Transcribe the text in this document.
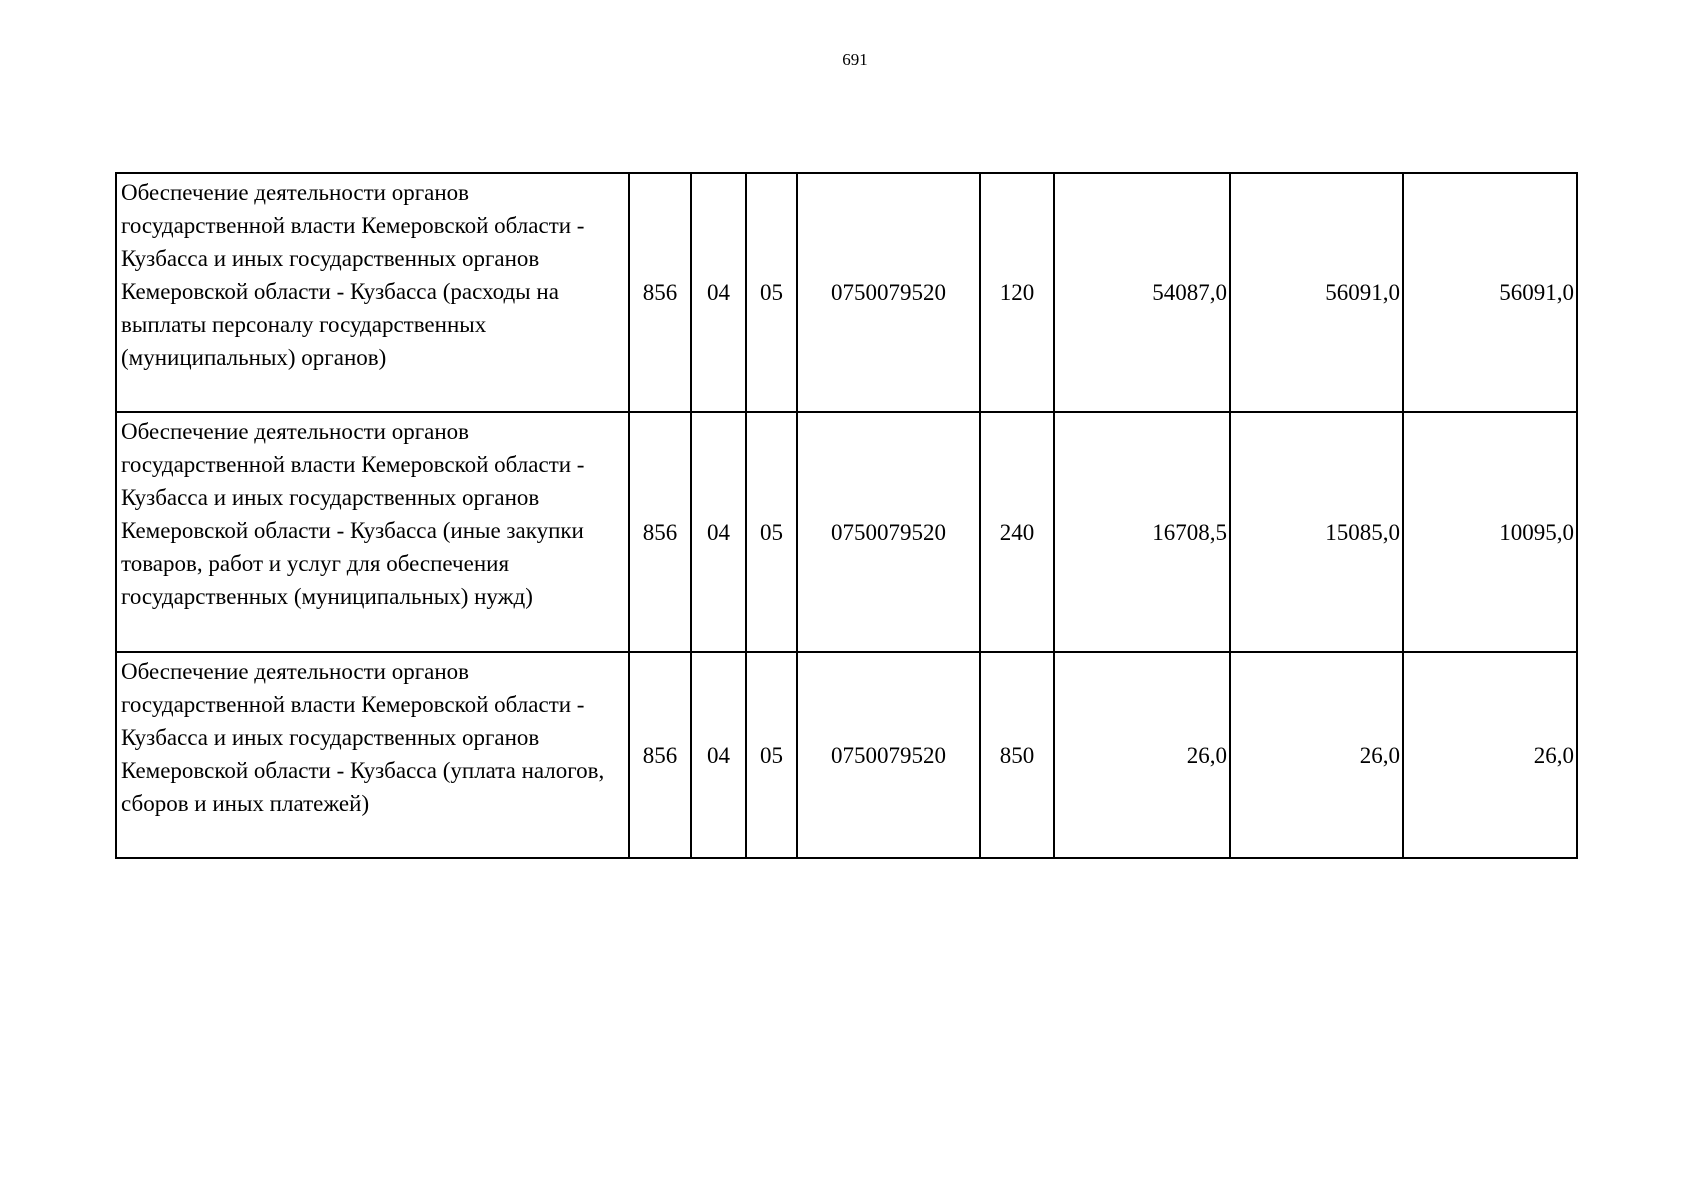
691
Обеспечение деятельности органов государственной власти Кемеровской области - Кузбасса и иных государственных органов Кемеровской области - Кузбасса (расходы на выплаты персоналу государственных (муниципальных) органов)	856	04	05	0750079520	120	54087,0	56091,0	56091,0
Обеспечение деятельности органов государственной власти Кемеровской области - Кузбасса и иных государственных органов Кемеровской области - Кузбасса (иные закупки товаров, работ и услуг для обеспечения государственных (муниципальных) нужд)	856	04	05	0750079520	240	16708,5	15085,0	10095,0
Обеспечение деятельности органов государственной власти Кемеровской области - Кузбасса и иных государственных органов Кемеровской области - Кузбасса (уплата налогов, сборов и иных платежей)	856	04	05	0750079520	850	26,0	26,0	26,0
